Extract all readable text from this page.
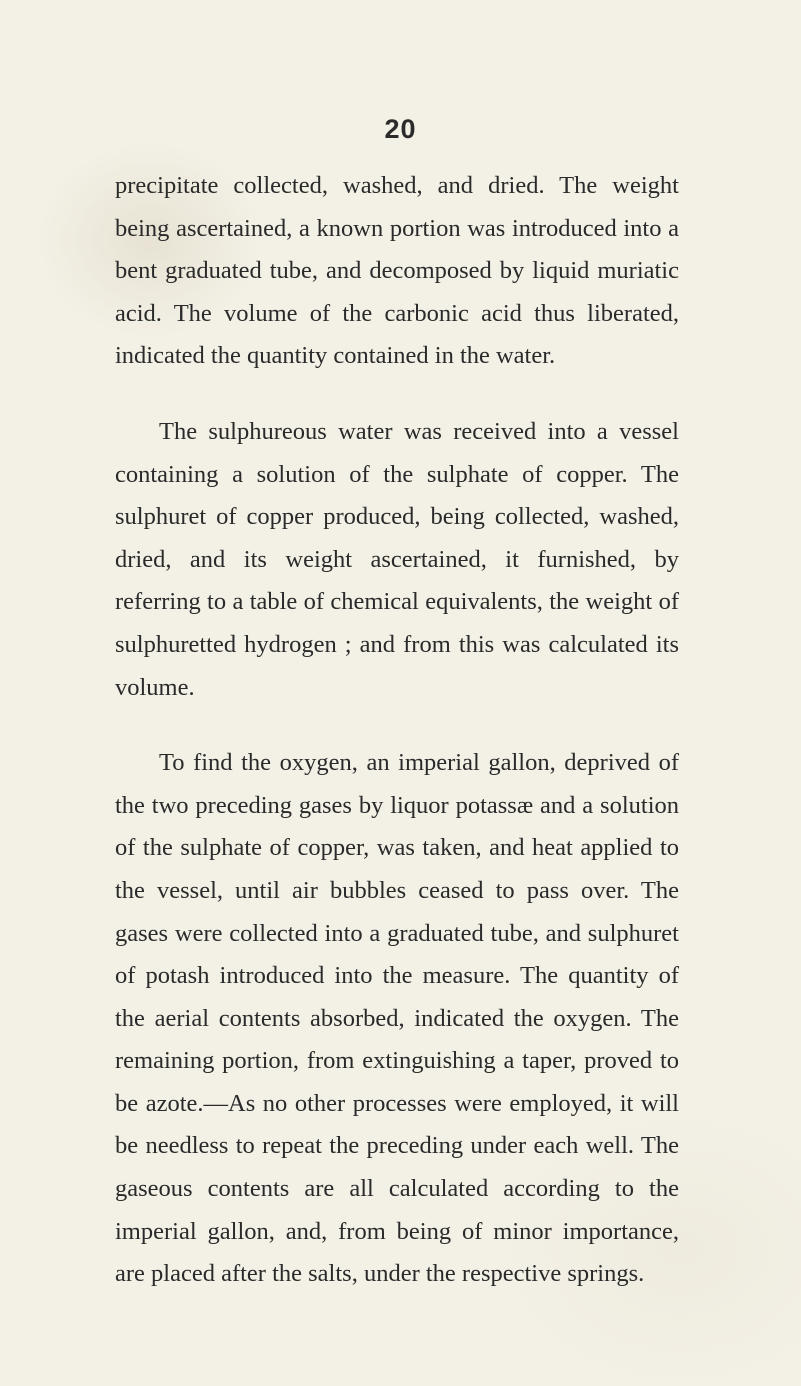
20

precipitate collected, washed, and dried. The weight being ascertained, a known portion was introduced into a bent graduated tube, and decomposed by liquid muriatic acid. The volume of the carbonic acid thus liberated, indicated the quantity contained in the water.

The sulphureous water was received into a vessel containing a solution of the sulphate of copper. The sulphuret of copper produced, being collected, washed, dried, and its weight ascertained, it furnished, by referring to a table of chemical equivalents, the weight of sulphuretted hydrogen ; and from this was calculated its volume.

To find the oxygen, an imperial gallon, deprived of the two preceding gases by liquor potassæ and a solution of the sulphate of copper, was taken, and heat applied to the vessel, until air bubbles ceased to pass over. The gases were collected into a graduated tube, and sulphuret of potash introduced into the measure. The quantity of the aerial contents absorbed, indicated the oxygen. The remaining portion, from extinguishing a taper, proved to be azote.—As no other processes were employed, it will be needless to repeat the preceding under each well. The gaseous contents are all calculated according to the imperial gallon, and, from being of minor importance, are placed after the salts, under the respective springs.
